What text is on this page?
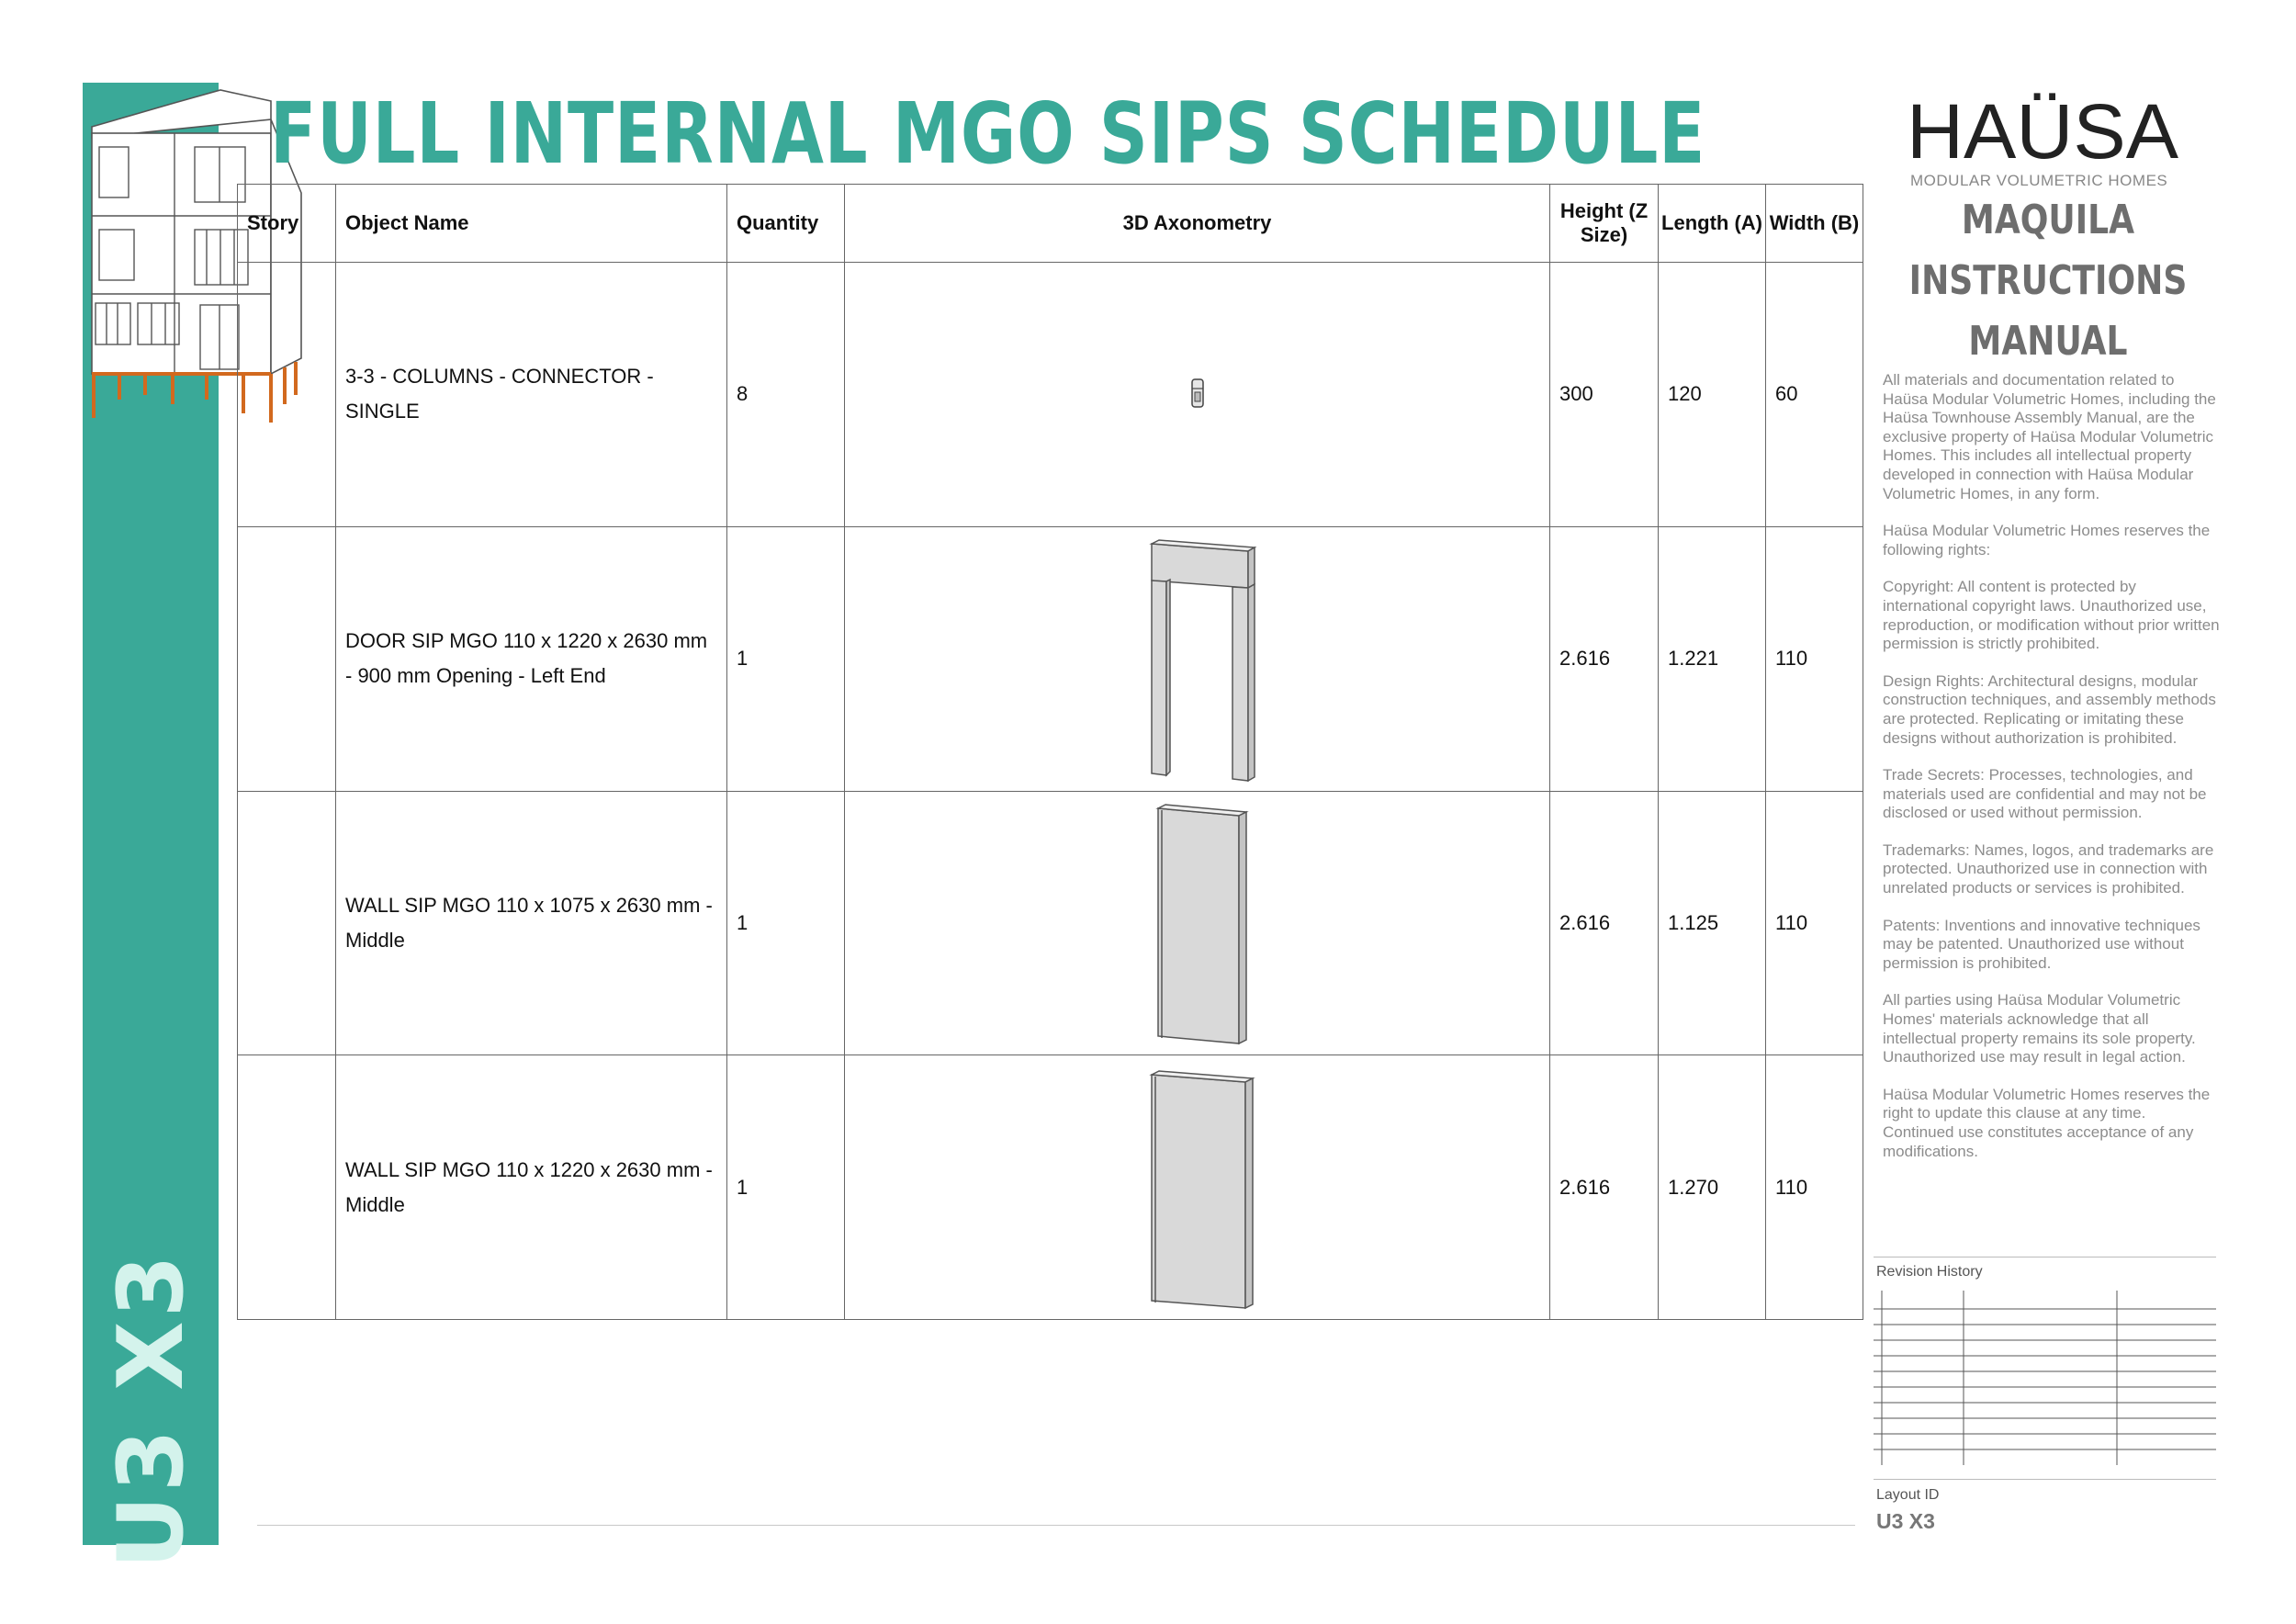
U3 X3
FULL INTERNAL MGO SIPS SCHEDULE
Story	Object Name	Quantity	3D Axonometry	Height (Z Size)	Length (A)	Width (B)
	3-3 - COLUMNS - CONNECTOR - SINGLE	8		300	120	60
	DOOR SIP MGO 110 x 1220 x 2630 mm - 900 mm Opening - Left End	1		2.616	1.221	110
	WALL SIP MGO 110 x 1075 x 2630 mm - Middle	1		2.616	1.125	110
	WALL SIP MGO 110 x 1220 x 2630 mm - Middle	1		2.616	1.270	110
HAÜSA
MODULAR VOLUMETRIC HOMES
MAQUILA
INSTRUCTIONS
MANUAL

All materials and documentation related to Haüsa Modular Volumetric Homes, including the Haüsa Townhouse Assembly Manual, are the exclusive property of Haüsa Modular Volumetric Homes. This includes all intellectual property developed in connection with Haüsa Modular Volumetric Homes, in any form.

Haüsa Modular Volumetric Homes reserves the following rights:

Copyright: All content is protected by international copyright laws. Unauthorized use, reproduction, or modification without prior written permission is strictly prohibited.

Design Rights: Architectural designs, modular construction techniques, and assembly methods are protected. Replicating or imitating these designs without authorization is prohibited.

Trade Secrets: Processes, technologies, and materials used are confidential and may not be disclosed or used without permission.

Trademarks: Names, logos, and trademarks are protected. Unauthorized use in connection with unrelated products or services is prohibited.

Patents: Inventions and innovative techniques may be patented. Unauthorized use without permission is prohibited.

All parties using Haüsa Modular Volumetric Homes' materials acknowledge that all intellectual property remains its sole property. Unauthorized use may result in legal action.

Haüsa Modular Volumetric Homes reserves the right to update this clause at any time. Continued use constitutes acceptance of any modifications.

Revision History
Layout ID
U3 X3
